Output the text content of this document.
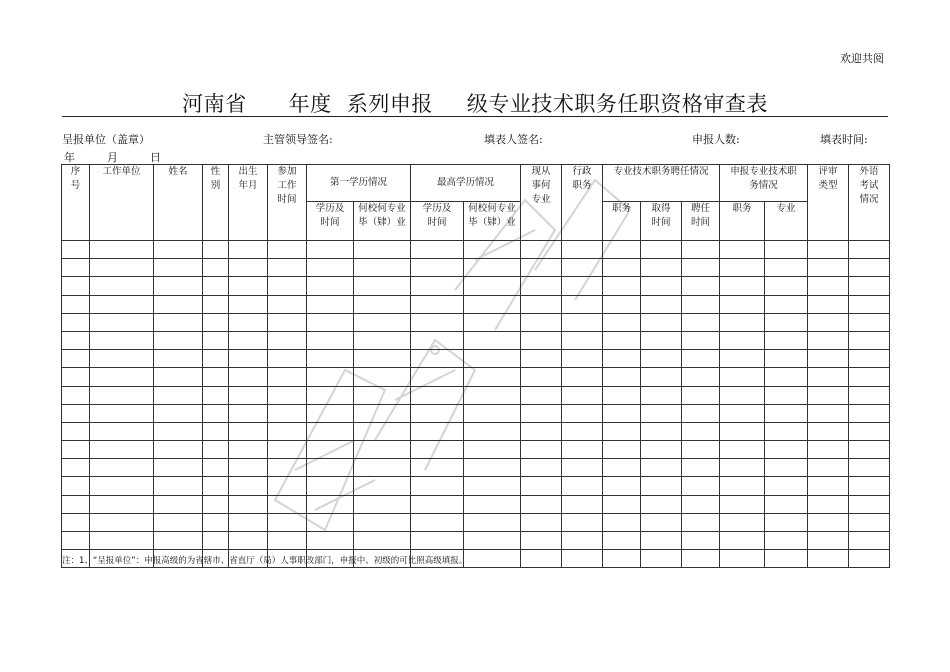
欢迎共阅
河南省 年度 系列申报 级专业技术职务任职资格审查表
呈报单位（盖章）	主管领导签名:	填表人签名:	申报人数:	填表时间:
年	月	日
序号	工作单位	姓名	性别	出生年月	参加工作时间	第一学历情况		最高学历情况		现从事何专业	行政职务	专业技术职务聘任情况			申报专业技术职务情况		评审类型	外语考试情况
						学历及时间	何校何专业毕（肄）业	学历及时间	何校何专业毕（肄）业			职务	取得时间	聘任时间	职务	专业		

注：1、“呈报单位”：申报高级的为省辖市、省直厅（局）人事职改部门，申报中、初级的可比照高级填报。
